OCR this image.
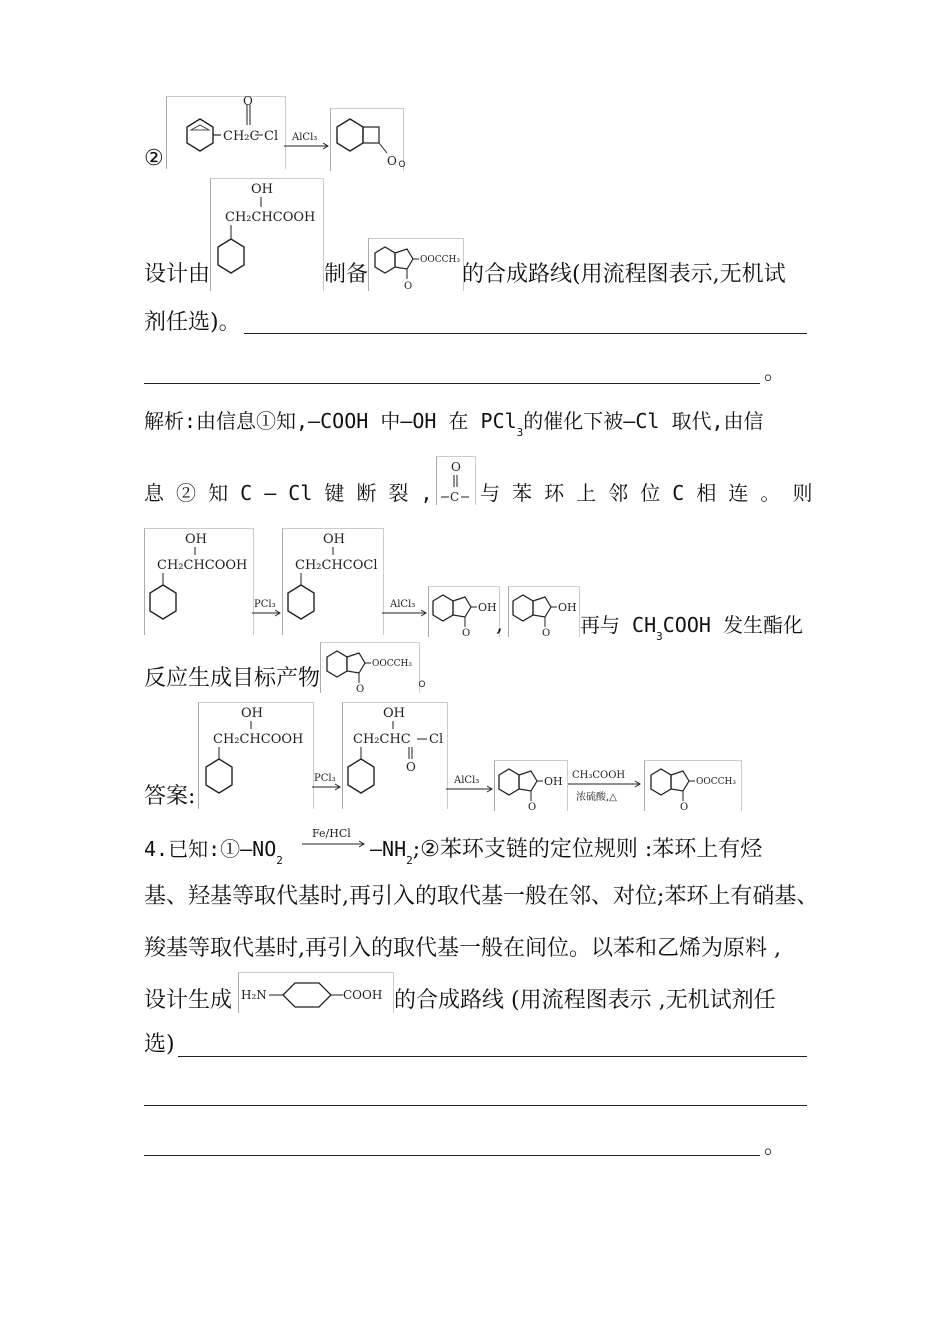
②
CH₂C
O
Cl AlCl₃
O 。
设计由
OH
CH₂CHCOOH
制备	O
OOCCH₃
的合成路线(用流程图表示,无机试
剂任选)。
。
解析:由信息①知,—COOH 中—OH 在 PCl$_3$的催化下被—Cl 取代,由信
息 ② 知 C — Cl 键 断 裂 ,
O
C 与 苯 环 上 邻 位 C 相 连 。 则
OH
CH₂CHCOOH
PCl₃
OH
CH₂CHCOCl
AlCl₃
O
OH
,	O
OH
再与 $CH_3COOH$ 发生酯化
反应生成目标产物	O
OOCCH₃
。
答案:
OH
CH₂CHCOOH
PCl₃
OH
CH₂CHC Cl
O
AlCl₃
O
OH CH₃COOH
浓硫酸,△
O
OOCCH₃
4.已知$:①—NO_2$
Fe/HCl
$—NH_2;②$苯环支链的定位规则 :苯环上有烃
基、羟基等取代基时,再引入的取代基一般在邻、对位;苯环上有硝基、
羧基等取代基时,再引入的取代基一般在间位。以苯和乙烯为原料 ,
设计生成 H₂N	COOH 的合成路线 (用流程图表示 ,无机试剂任
选)
。
